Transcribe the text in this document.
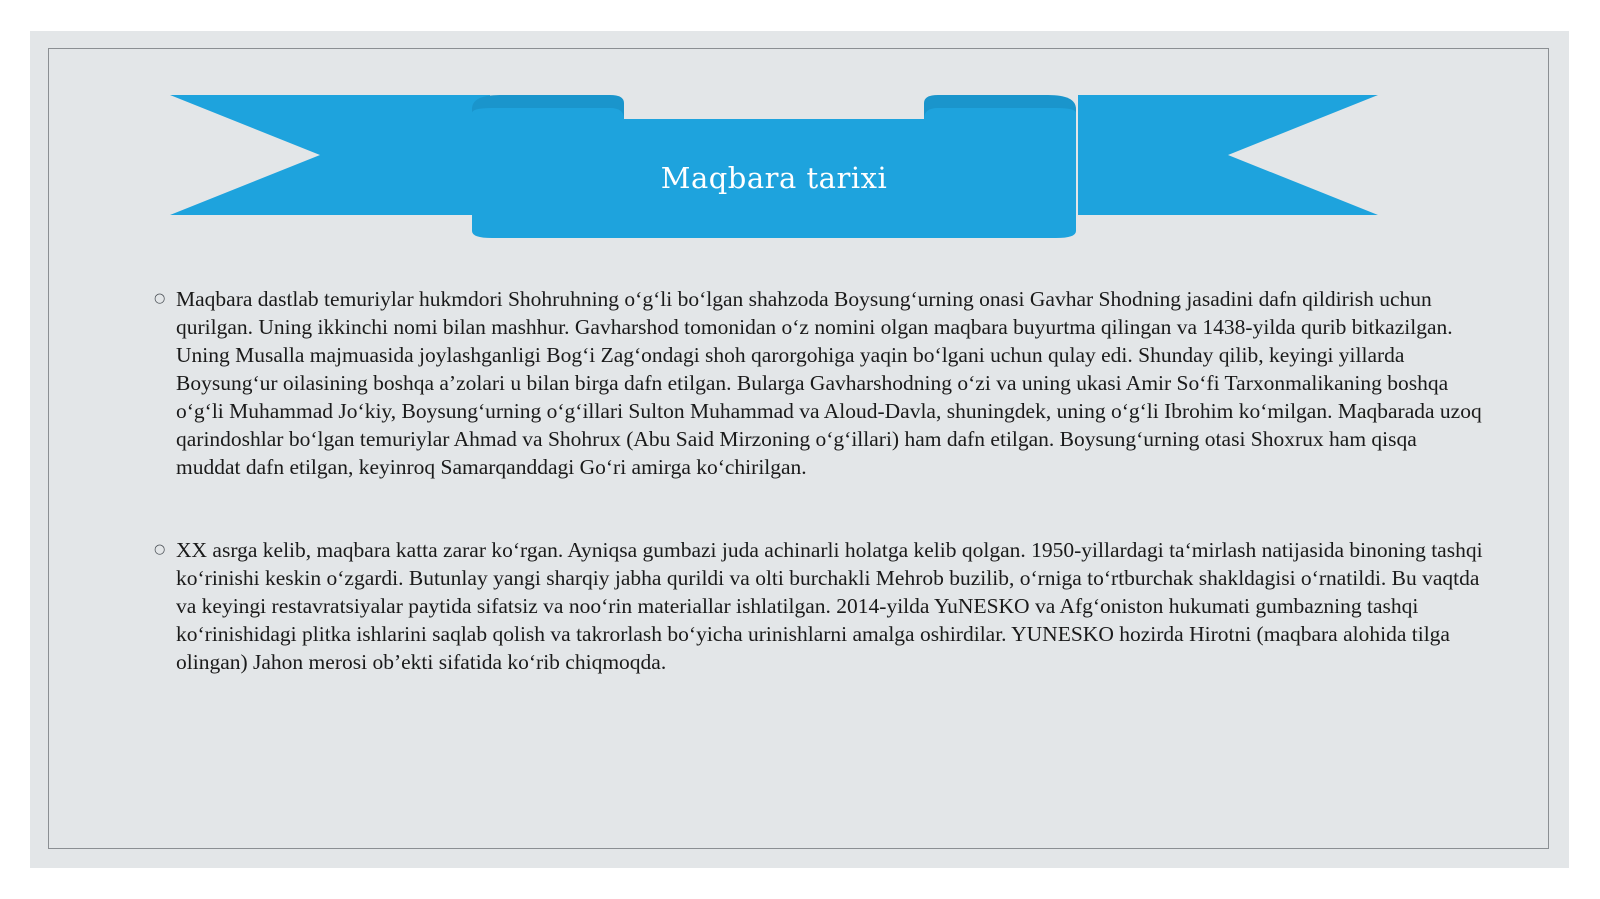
Maqbara tarixi
○ Maqbara dastlab temuriylar hukmdori Shohruhning o‘g‘li bo‘lgan shahzoda Boysung‘urning onasi Gavhar Shodning jasadini dafn qildirish uchun qurilgan. Uning ikkinchi nomi bilan mashhur. Gavharshod tomonidan o‘z nomini olgan maqbara buyurtma qilingan va 1438-yilda qurib bitkazilgan. Uning Musalla majmuasida joylashganligi Bog‘i Zag‘ondagi shoh qarorgohiga yaqin bo‘lgani uchun qulay edi. Shunday qilib, keyingi yillarda Boysung‘ur oilasining boshqa a’zolari u bilan birga dafn etilgan. Bularga Gavharshodning o‘zi va uning ukasi Amir So‘fi Tarxonmalikaning boshqa o‘g‘li Muhammad Jo‘kiy, Boysung‘urning o‘g‘illari Sulton Muhammad va Aloud-Davla, shuningdek, uning o‘g‘li Ibrohim ko‘milgan. Maqbarada uzoq qarindoshlar bo‘lgan temuriylar Ahmad va Shohrux (Abu Said Mirzoning o‘g‘illari) ham dafn etilgan. Boysung‘urning otasi Shoxrux ham qisqa muddat dafn etilgan, keyinroq Samarqanddagi Go‘ri amirga ko‘chirilgan.
○ XX asrga kelib, maqbara katta zarar ko‘rgan. Ayniqsa gumbazi juda achinarli holatga kelib qolgan. 1950-yillardagi ta‘mirlash natijasida binoning tashqi ko‘rinishi keskin o‘zgardi. Butunlay yangi sharqiy jabha qurildi va olti burchakli Mehrob buzilib, o‘rniga to‘rtburchak shakldagisi o‘rnatildi. Bu vaqtda va keyingi restavratsiyalar paytida sifatsiz va noo‘rin materiallar ishlatilgan. 2014-yilda YuNESKO va Afg‘oniston hukumati gumbazning tashqi ko‘rinishidagi plitka ishlarini saqlab qolish va takrorlash bo‘yicha urinishlarni amalga oshirdilar. YUNESKO hozirda Hirotni (maqbara alohida tilga olingan) Jahon merosi ob’ekti sifatida ko‘rib chiqmoqda.
